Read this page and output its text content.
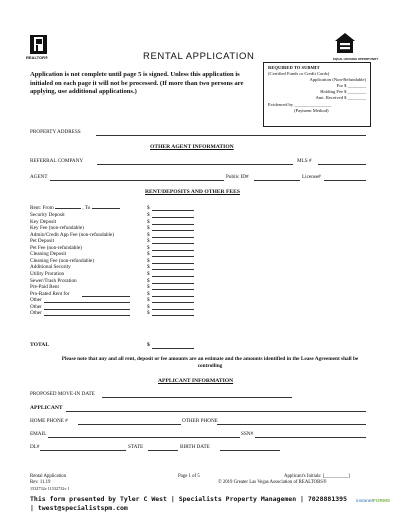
REALTOR®	RENTAL APPLICATION	EQUAL HOUSING OPPORTUNITY
Application is not complete until page 5 is signed. Unless this application is initialed on each page it will not be processed. (If more than two persons are applying, use additional applications.)
REQUIRED TO SUBMIT
(Certified Funds or Credit Cards)
Application (Non-Refundable)
For $ ________
Holding Fee $ ________
Amt. Received $ ________
Evidenced by ________________
(Payment Method)
PROPERTY ADDRESS
OTHER AGENT INFORMATION
REFERRAL COMPANY	MLS #
AGENT	Public ID#	License#
RENT/DEPOSITS AND OTHER FEES
Rent: From	, To	$
Security Deposit	$
Key Deposit	$
Key Fee (non-refundable)	$
Admin/Credit App Fee (non-refundable)	$
Pet Deposit	$
Pet Fee (non-refundable)	$
Cleaning Deposit	$
Cleaning Fee (non-refundable)	$
Additional Security	$
Utility Proration	$
Sewer/Trash Proration	$
Pre-Paid Rent	$
Pro-Rated Rent for	$
Other	$
Other	$
Other	$
TOTAL	$
Please note that any and all rent, deposit or fee amounts are an estimate and the amounts identified in the Lease Agreement shall be controlling
APPLICANT INFORMATION
PROPOSED MOVE-IN DATE
APPLICANT
HOME PHONE #	OTHER PHONE
EMAIL	SSN#
DL#	STATE	BIRTH DATE
Rental Application
Rev. 11.19
1532732v 11532732v 1
Page 1 of 5	Applicant's Initials: [__________]
© 2019 Greater Las Vegas Association of REALTORS®
This form presented by Tyler C West | Specialists Property Managemen | 7028881395 | twest@specialistspm.com
instanetFORMS
